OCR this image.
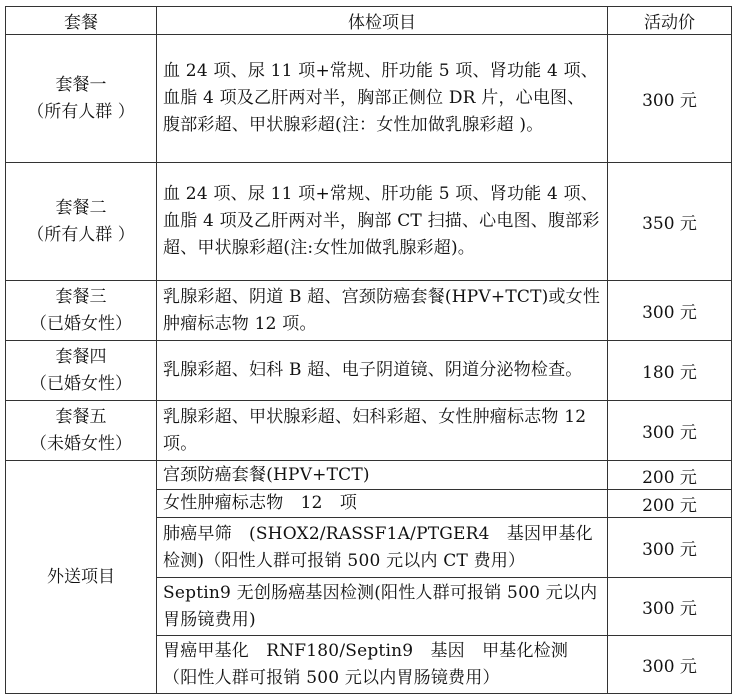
套餐	体检项目	活动价

套餐一
（所有人群 ）	血 24 项、尿 11 项+常规、肝功能 5 项、肾功能 4 项、血脂 4 项及乙肝两对半，胸部正侧位 DR 片，心电图、腹部彩超、甲状腺彩超(注：女性加做乳腺彩超 )。	300 元

套餐二
（所有人群 ）	血 24 项、尿 11 项+常规、肝功能 5 项、肾功能 4 项、血脂 4 项及乙肝两对半，胸部 CT 扫描、心电图、腹部彩超、甲状腺彩超(注:女性加做乳腺彩超)。	350 元

套餐三
（已婚女性）	乳腺彩超、阴道 B 超、宫颈防癌套餐(HPV+TCT)或女性肿瘤标志物 12 项。	300 元

套餐四
（已婚女性）	乳腺彩超、妇科 B 超、电子阴道镜、阴道分泌物检查。	180 元

套餐五
（未婚女性）	乳腺彩超、甲状腺彩超、妇科彩超、女性肿瘤标志物 12 项。	300 元
外送项目	宫颈防癌套餐(HPV+TCT)	200 元
	女性肿瘤标志物　12　项	200 元
	肺癌早筛　(SHOX2/RASSF1A/PTGER4　基因甲基化检测)（阳性人群可报销 500 元以内 CT 费用）	300 元
	Septin9 无创肠癌基因检测(阳性人群可报销 500 元以内胃肠镜费用)	300 元
	胃癌甲基化　RNF180/Septin9　基因　甲基化检测（阳性人群可报销 500 元以内胃肠镜费用）	300 元
